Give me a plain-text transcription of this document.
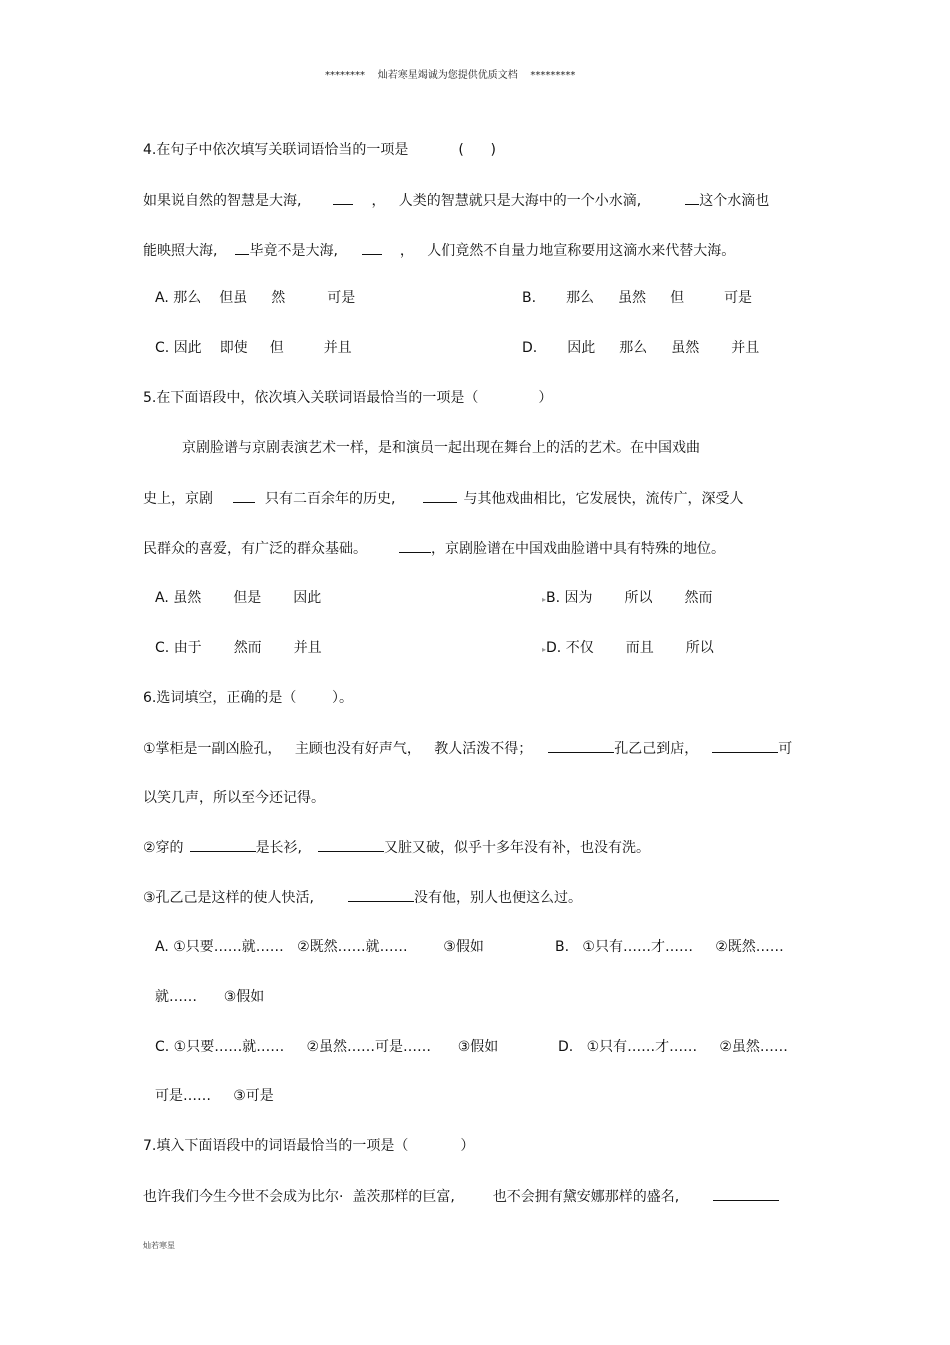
********    灿若寒星竭诚为您提供优质文档    *********
4.在句子中依次填写关联词语恰当的一项是	(      )
如果说自然的智慧是大海,	，   人类的智慧就只是大海中的一个小水滴,	这个水滴也
能映照大海, 毕竟不是大海,	，   人们竟然不自量力地宣称要用这滴水来代替大海。
A. 那么 但虽 然	可是	B. 那么 虽然 但	可是
C. 因此 即使 但	并且	D. 因此 那么 虽然 并且
5.在下面语段中，依次填入关联词语最恰当的一项是（	）
京剧脸谱与京剧表演艺术一样，是和演员一起出现在舞台上的活的艺术。在中国戏曲
史上，京剧	只有二百余年的历史,	与其他戏曲相比，它发展快，流传广，深受人
民群众的喜爱，有广泛的群众基础。	，京剧脸谱在中国戏曲脸谱中具有特殊的地位。
A. 虽然 但是 因此	▸B. 因为 所以 然而
C. 由于 然而 并且	▸D. 不仅 而且 所以
6.选词填空，正确的是（        ）。
①掌柜是一副凶脸孔，   主顾也没有好声气，   教人活泼不得；	孔乙己到店，	可
以笑几声，所以至今还记得。
②穿的	是长衫,	又脏又破，似乎十多年没有补，也没有洗。
③孔乙己是这样的使人快活,	没有他，别人也便这么过。
A. ①只要……就……   ②既然……就……        ③假如	B.   ①只有……才……     ②既然……
就……      ③假如
C. ①只要……就……     ②虽然……可是……      ③假如	D.   ①只有……才……     ②虽然……
可是……     ③可是
7.填入下面语段中的词语最恰当的一项是（	）
也许我们今生今世不会成为比尔·  盖茨那样的巨富,	也不会拥有黛安娜那样的盛名,
灿若寒星
